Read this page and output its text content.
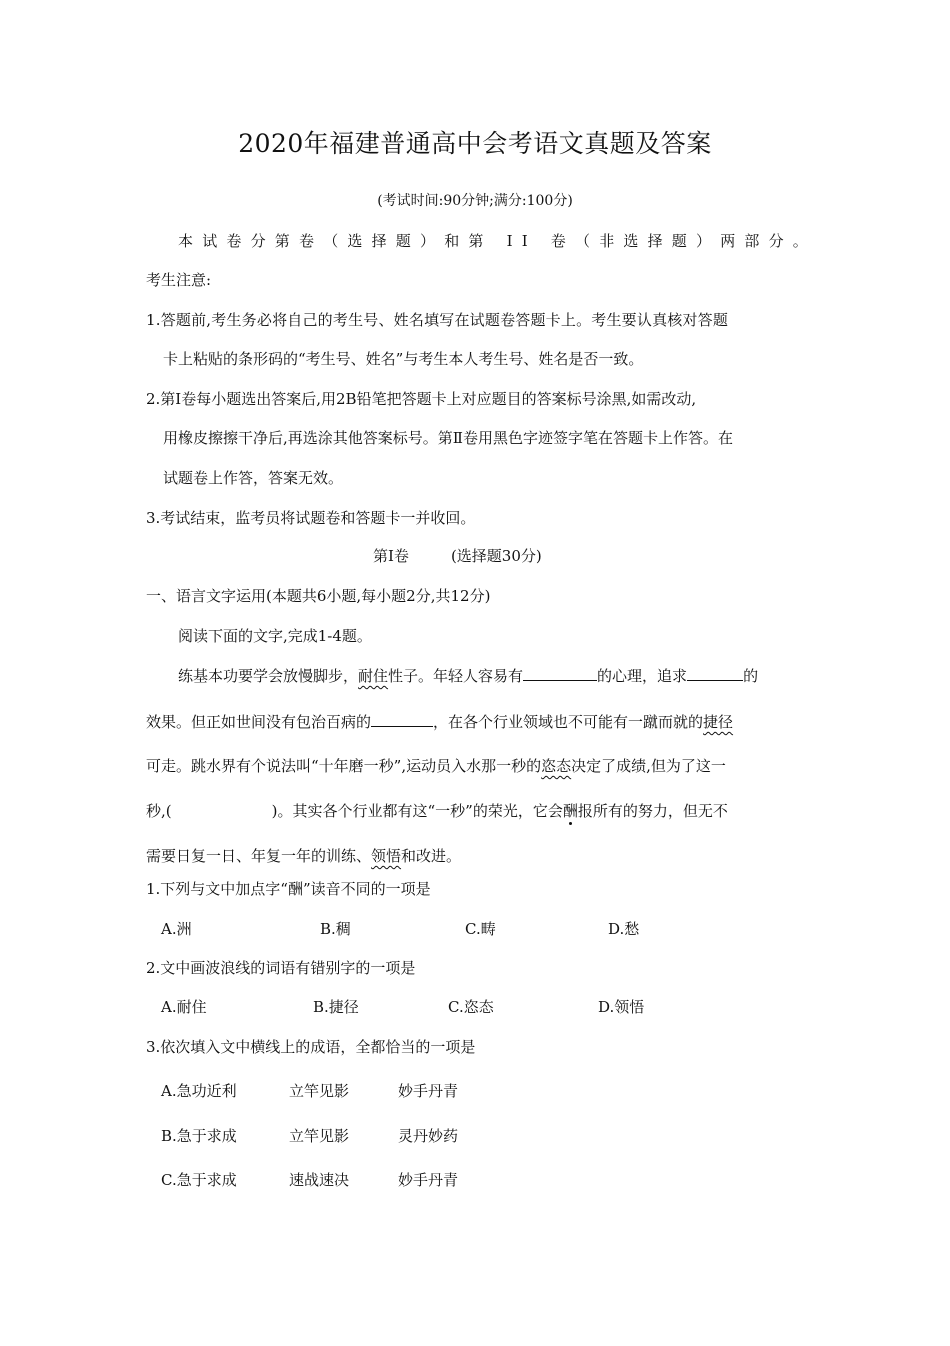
2020年福建普通高中会考语文真题及答案
(考试时间:90分钟;满分:100分)
本试卷分第卷（选择题）和第 II 卷（非选择题）两部分。
考生注意:
1.答题前,考生务必将自己的考生号、姓名填写在试题卷答题卡上。考生要认真核对答题
卡上粘贴的条形码的“考生号、姓名”与考生本人考生号、姓名是否一致。
2.第Ⅰ卷每小题选出答案后,用2B铅笔把答题卡上对应题目的答案标号涂黑,如需改动,
用橡皮擦擦干净后,再选涂其他答案标号。第Ⅱ卷用黑色字迹签字笔在答题卡上作答。在
试题卷上作答，答案无效。
3.考试结束，监考员将试题卷和答题卡一并收回。
第Ⅰ卷	(选择题30分)
一、语言文字运用(本题共6小题,每小题2分,共12分)
阅读下面的文字,完成1-4题。
练基本功要学会放慢脚步，耐住性子。年轻人容易有	的心理，追求	的
效果。但正如世间没有包治百病的	，在各个行业领域也不可能有一蹴而就的捷径
可走。跳水界有个说法叫“十年磨一秒”,运动员入水那一秒的恣态决定了成绩,但为了这一
秒,(	)。其实各个行业都有这“一秒”的荣光，它会酬报所有的努力，但无不
需要日复一日、年复一年的训练、领悟和改进。
1.下列与文中加点字“酬”读音不同的一项是
A.洲	B.稠	C.畴	D.愁
2.文中画波浪线的词语有错别字的一项是
A.耐住	B.捷径	C.恣态	D.领悟
3.依次填入文中横线上的成语，全都恰当的一项是
A.急功近利	立竿见影	妙手丹青
B.急于求成	立竿见影	灵丹妙药
C.急于求成	速战速决	妙手丹青
